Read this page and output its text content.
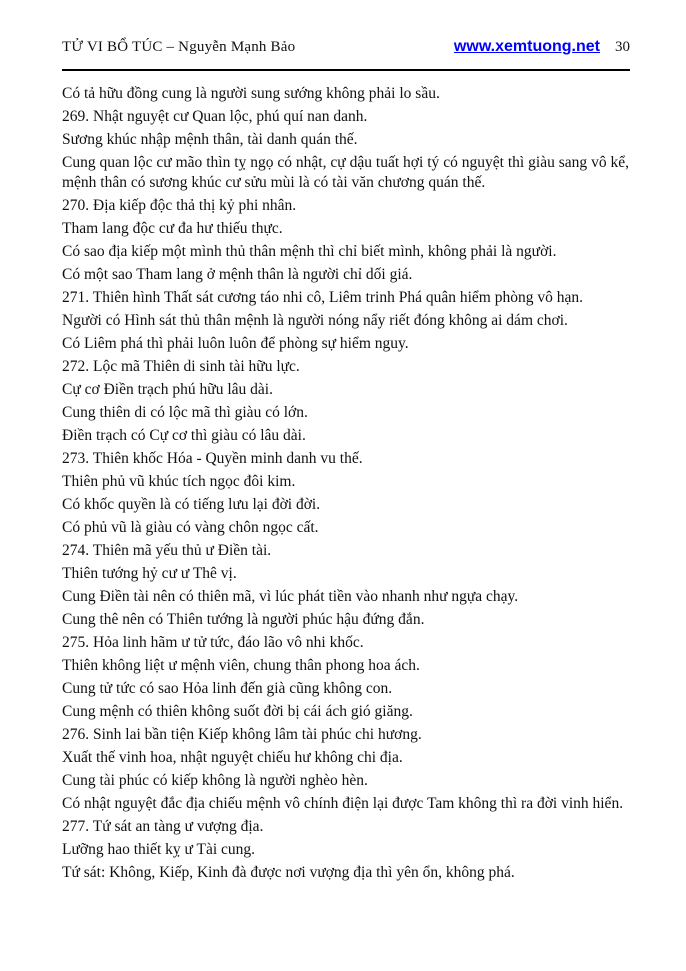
TỬ VI BỔ TÚC – Nguyễn Mạnh Bảo	www.xemtuong.net 30

Có tả hữu đồng cung là người sung sướng không phải lo sầu.

269. Nhật nguyệt cư Quan lộc, phú quí nan danh.

Sương khúc nhập mệnh thân, tài danh quán thế.

Cung quan lộc cư mão thìn tỵ ngọ có nhật, cự dậu tuất hợi tý có nguyệt thì giàu sang vô kể, mệnh thân có sương khúc cư sửu mùi là có tài văn chương quán thế.

270. Địa kiếp độc thả thị kỷ phi nhân.

Tham lang độc cư đa hư thiếu thực.

Có sao địa kiếp một mình thủ thân mệnh thì chỉ biết mình, không phải là người.

Có một sao Tham lang ở mệnh thân là người chỉ dối giá.

271. Thiên hình Thất sát cương táo nhi cô, Liêm trinh Phá quân hiểm phòng vô hạn.

Người có Hình sát thủ thân mệnh là người nóng nẩy riết đóng không ai dám chơi.

Có Liêm phá thì phải luôn luôn để phòng sự hiểm nguy.

272. Lộc mã Thiên di sinh tài hữu lực.

Cự cơ Điền trạch phú hữu lâu dài.

Cung thiên di có lộc mã thì giàu có lớn.

Điền trạch có Cự cơ thì giàu có lâu dài.

273. Thiên khốc Hóa - Quyền minh danh vu thế.

Thiên phủ vũ khúc tích ngọc đôi kim.

Có khốc quyền là có tiếng lưu lại đời đời.

Có phủ vũ là giàu có vàng chôn ngọc cất.

274. Thiên mã yếu thủ ư Điền tài.

Thiên tướng hỷ cư ư Thê vị.

Cung Điền tài nên có thiên mã, vì lúc phát tiền vào nhanh như ngựa chạy.

Cung thê nên có Thiên tướng là người phúc hậu đứng đắn.

275. Hỏa linh hãm ư tử tức, đáo lão vô nhi khốc.

Thiên không liệt ư mệnh viên, chung thân phong hoa ách.

Cung tử tức có sao Hỏa linh đến già cũng không con.

Cung mệnh có thiên không suốt đời bị cái ách gió giăng.

276. Sinh lai bần tiện Kiếp không lâm tài phúc chi hương.

Xuất thế vinh hoa, nhật nguyệt chiếu hư không chi địa.

Cung tài phúc có kiếp không là người nghèo hèn.

Có nhật nguyệt đắc địa chiếu mệnh vô chính điện lại được Tam không thì ra đời vinh hiển.

277. Tứ sát an tàng ư vượng địa.

Lưỡng hao thiết kỵ ư Tài cung.

Tứ sát: Không, Kiếp, Kinh đà được nơi vượng địa thì yên ổn, không phá.
